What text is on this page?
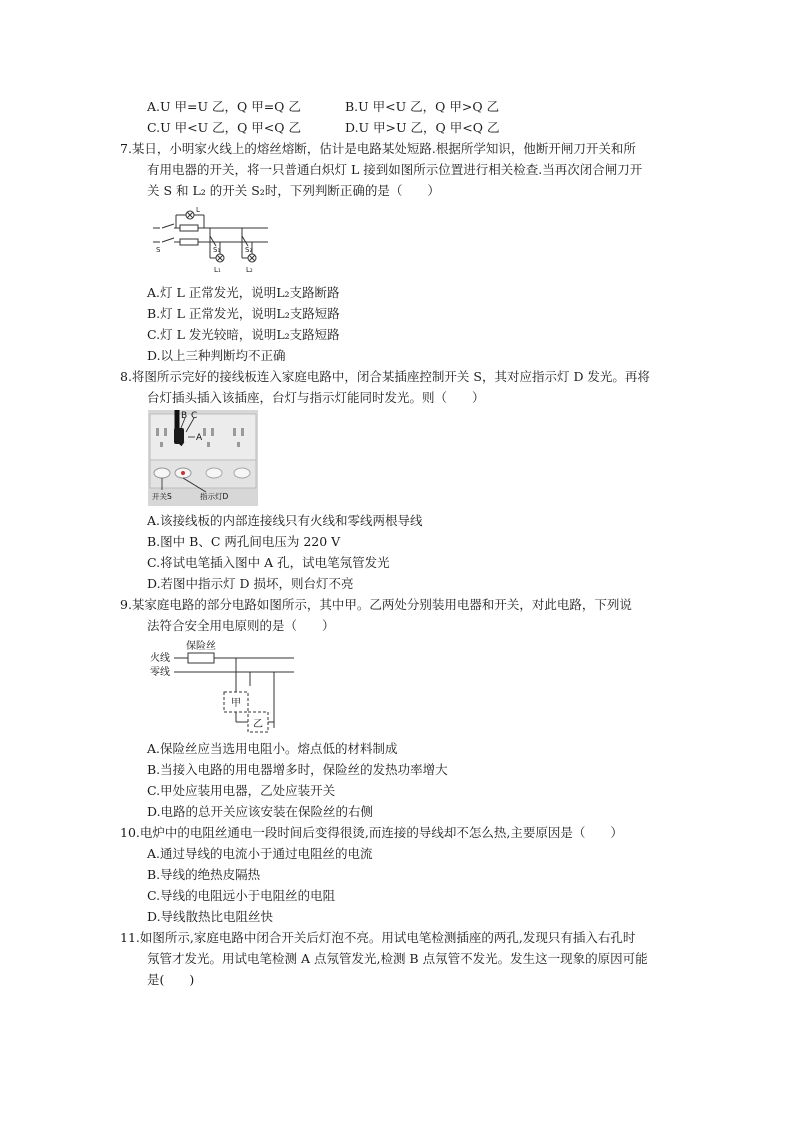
A.U 甲=U 乙，Q 甲=Q 乙	B.U 甲<U 乙，Q 甲>Q 乙
C.U 甲<U 乙，Q 甲<Q 乙	D.U 甲>U 乙，Q 甲<Q 乙
7.某日，小明家火线上的熔丝熔断，估计是电路某处短路.根据所学知识，他断开闸刀开关和所
有用电器的开关，将一只普通白炽灯 L 接到如图所示位置进行相关检查.当再次闭合闸刀开
关 S 和 L₂ 的开关 S₂时，下列判断正确的是（　　）
L
S	S₁	S₂
L₁	L₂
A.灯 L 正常发光，说明L₂支路断路
B.灯 L 正常发光，说明L₂支路短路
C.灯 L 发光较暗，说明L₂支路短路
D.以上三种判断均不正确
8.将图所示完好的接线板连入家庭电路中，闭合某插座控制开关 S，其对应指示灯 D 发光。再将
台灯插头插入该插座，台灯与指示灯能同时发光。则（　　）
B C
A
开关S	指示灯D
A.该接线板的内部连接线只有火线和零线两根导线
B.图中 B、C 两孔间电压为 220 V
C.将试电笔插入图中 A 孔，试电笔氖管发光
D.若图中指示灯 D 损坏，则台灯不亮
9.某家庭电路的部分电路如图所示，其中甲。乙两处分别装用电器和开关，对此电路，下列说
法符合安全用电原则的是（　　）
火线
零线
保险丝
甲
乙
A.保险丝应当选用电阻小。熔点低的材料制成
B.当接入电路的用电器增多时，保险丝的发热功率增大
C.甲处应装用电器，乙处应装开关
D.电路的总开关应该安装在保险丝的右侧
10.电炉中的电阻丝通电一段时间后变得很烫,而连接的导线却不怎么热,主要原因是（　　）
A.通过导线的电流小于通过电阻丝的电流
B.导线的绝热皮隔热
C.导线的电阻远小于电阻丝的电阻
D.导线散热比电阻丝快
11.如图所示,家庭电路中闭合开关后灯泡不亮。用试电笔检测插座的两孔,发现只有插入右孔时
氖管才发光。用试电笔检测 A 点氖管发光,检测 B 点氖管不发光。发生这一现象的原因可能
是(　　)
